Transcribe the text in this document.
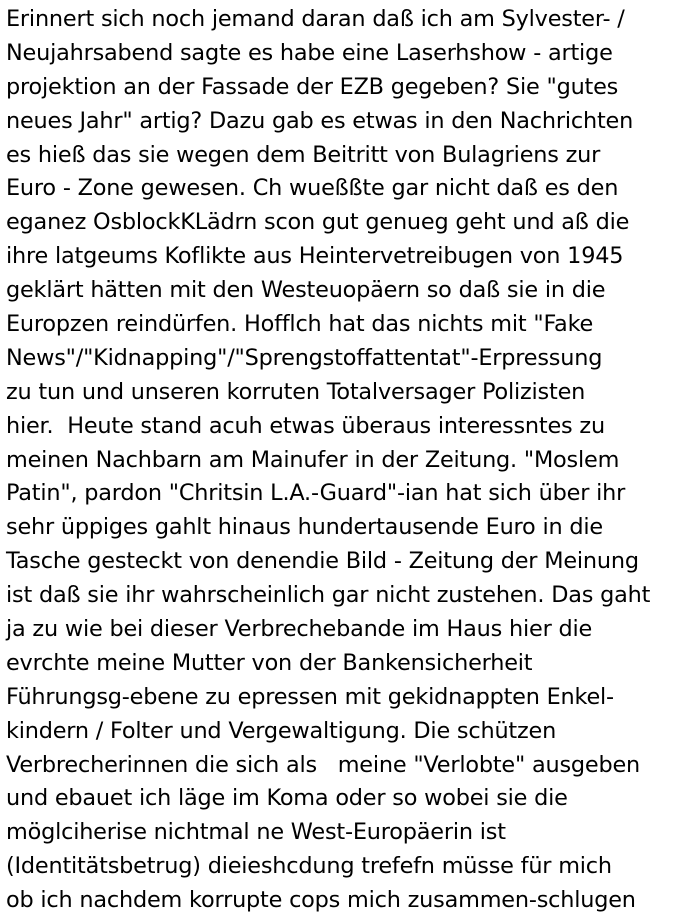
Erinnert sich noch jemand daran daß ich am Sylvester- /
Neujahrsabend sagte es habe eine Laserhshow - artige
projektion an der Fassade der EZB gegeben? Sie "gutes
neues Jahr" artig? Dazu gab es etwas in den Nachrichten
es hieß das sie wegen dem Beitritt von Bulagriens zur
Euro - Zone gewesen. Ch wueßßte gar nicht daß es den
eganez OsblockKLädrn scon gut genueg geht und aß die
ihre latgeums Koflikte aus Heintervetreibugen von 1945
geklärt hätten mit den Westeuopäern so daß sie in die
Europzen reindürfen. Hofflch hat das nichts mit "Fake
News"/"Kidnapping"/"Sprengstoffattentat"-Erpressung
zu tun und unseren korruten Totalversager Polizisten
hier.  Heute stand acuh etwas überaus interessntes zu
meinen Nachbarn am Mainufer in der Zeitung. "Moslem
Patin", pardon "Chritsin L.A.-Guard"-ian hat sich über ihr
sehr üppiges gahlt hinaus hundertausende Euro in die
Tasche gesteckt von denendie Bild - Zeitung der Meinung
ist daß sie ihr wahrscheinlich gar nicht zustehen. Das gaht
ja zu wie bei dieser Verbrechebande im Haus hier die
evrchte meine Mutter von der Bankensicherheit
Führungsg-ebene zu epressen mit gekidnappten Enkel-
kindern / Folter und Vergewaltigung. Die schützen
Verbrecherinnen die sich als   meine "Verlobte" ausgeben
und ebauet ich läge im Koma oder so wobei sie die
möglciherise nichtmal ne West-Europäerin ist
(Identitätsbetrug) dieieshcdung trefefn müsse für mich
ob ich nachdem korrupte cops mich zusammen-schlugen
